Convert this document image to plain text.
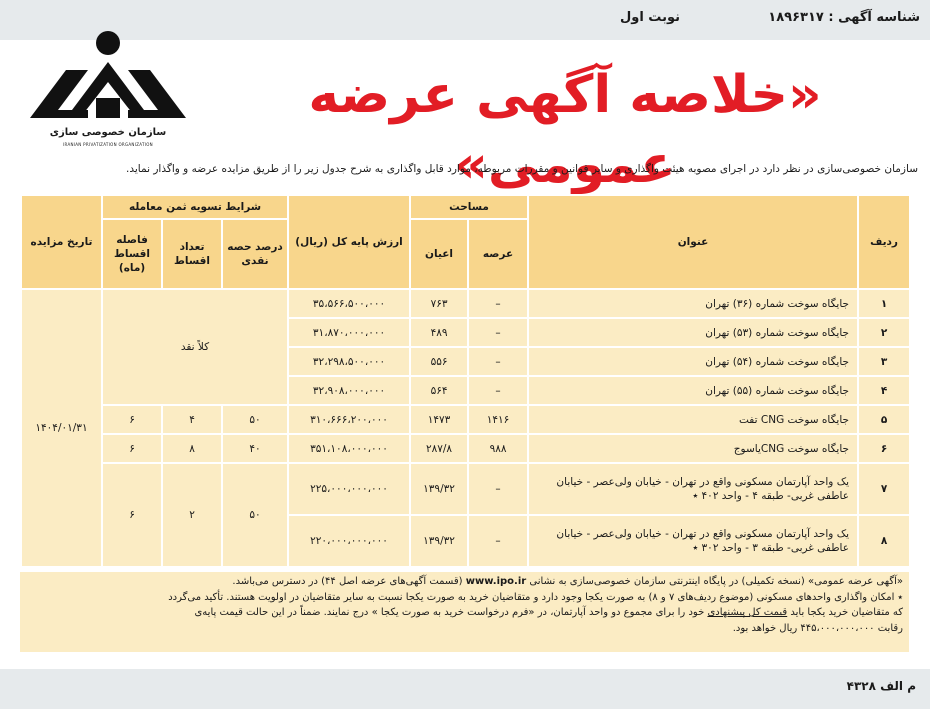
شناسه آگهی : ۱۸۹۶۳۱۷
نوبت اول
سازمان خصوصی سازی
IRANIAN PRIVATIZATION ORGANIZATION
«خلاصه آگهی عرضه عمومی»
سازمان خصوصی‌سازی در نظر دارد در اجرای مصوبه هیئت واگذاری و سایر قوانین و مقررات مربوطه، موارد قابل واگذاری به شرح جدول زیر را از طریق مزایده عرضه و واگذار نماید.
ردیف	عنوان	مساحت		ارزش پایه کل (ریال)	شرایط تسویه ثمن معامله			تاریخ مزایده
		عرصه	اعیان		درصد حصه نقدی	تعداد اقساط	فاصله اقساط (ماه)	
۱	جایگاه سوخت شماره (۳۶) تهران	–	۷۶۳	۳۵،۵۶۶،۵۰۰،۰۰۰	کلاً نقد			۱۴۰۴/۰۱/۳۱
۲	جایگاه سوخت شماره (۵۳) تهران	–	۴۸۹	۳۱،۸۷۰،۰۰۰،۰۰۰				
۳	جایگاه سوخت شماره (۵۴) تهران	–	۵۵۶	۳۲،۲۹۸،۵۰۰،۰۰۰				
۴	جایگاه سوخت شماره (۵۵) تهران	–	۵۶۴	۳۲،۹۰۸،۰۰۰،۰۰۰				
۵	جایگاه سوخت CNG تفت	۱۴۱۶	۱۴۷۳	۳۱۰،۶۶۶،۲۰۰،۰۰۰	۵۰	۴	۶	
۶	جایگاه سوخت CNGیاسوج	۹۸۸	۲۸۷/۸	۳۵۱،۱۰۸،۰۰۰،۰۰۰	۴۰	۸	۶	
۷	یک واحد آپارتمان مسکونی واقع در تهران - خیابان ولی‌عصر - خیابان عاطفی غربی- طبقه ۴ - واحد ۴۰۲ ٭	–	۱۳۹/۳۲	۲۲۵،۰۰۰،۰۰۰،۰۰۰	۵۰	۲	۶	
۸	یک واحد آپارتمان مسکونی واقع در تهران - خیابان ولی‌عصر - خیابان عاطفی غربی- طبقه ۳ - واحد ۳۰۲ ٭	–	۱۳۹/۳۲	۲۲۰،۰۰۰،۰۰۰،۰۰۰				

«آگهی عرضه عمومی» (نسخه تکمیلی) در پایگاه اینترنتی سازمان خصوصی‌سازی به نشانی www.ipo.ir (قسمت آگهی‌های عرضه اصل ۴۴) در دسترس می‌باشد.

٭ امکان واگذاری واحدهای مسکونی (موضوع ردیف‌های ۷ و ۸) به صورت یکجا وجود دارد و متقاضیان خرید به صورت یکجا نسبت به سایر متقاضیان در اولویت هستند. تأکید می‌گردد

که متقاضیان خرید یکجا باید قیمت کل پیشنهادی خود را برای مجموع دو واحد آپارتمان، در «فرم درخواست خرید به صورت یکجا » درج نمایند. ضمناً در این حالت قیمت پایه‌ی

رقابت ۴۴۵،۰۰۰،۰۰۰،۰۰۰ ریال خواهد بود.

م الف ۴۳۲۸
